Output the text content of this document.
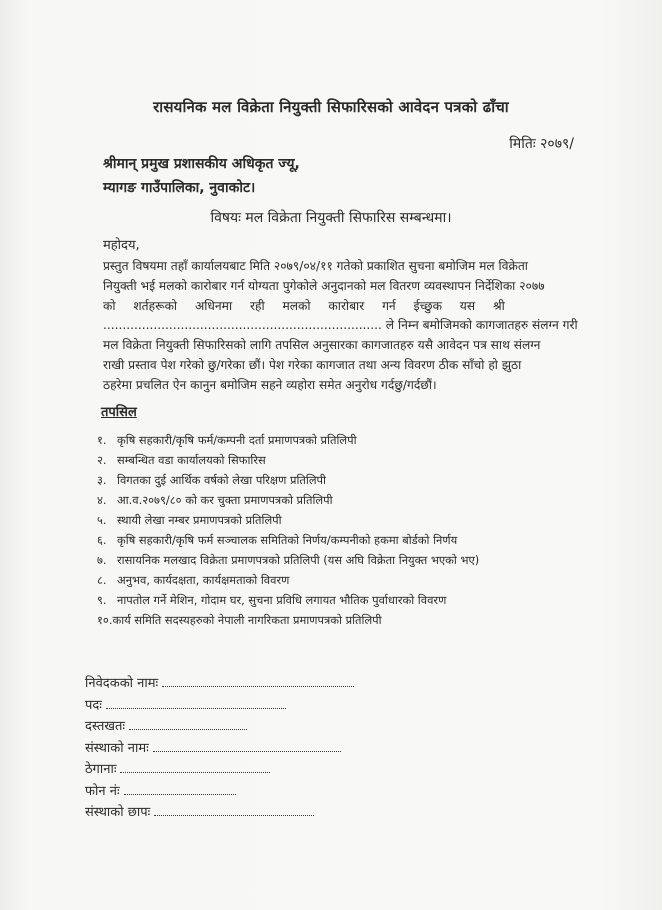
रासयनिक मल विक्रेता नियुक्ती सिफारिसको आवेदन पत्रको ढाँचा
मितिः २०७९/
श्रीमान् प्रमुख प्रशासकीय अधिकृत ज्यू,
म्यागङ गाउँपालिका, नुवाकोट।
विषयः मल विक्रेता नियुक्ती सिफारिस सम्बन्धमा।
महोदय,
प्रस्तुत विषयमा तहाँ कार्यालयबाट मिति २०७९/०४/११ गतेको प्रकाशित सुचना बमोजिम मल विक्रेता
नियुक्ती भई मलको कारोबार गर्न योग्यता पुगेकोले अनुदानको मल वितरण व्यवस्थापन निर्देशिका २०७७
को शर्तहरूको अधिनमा रही मलको कारोबार गर्न ईच्छुक यस श्री
........................................................................ ले निम्न बमोजिमको कागजातहरु संलग्न गरी
मल विक्रेता नियुक्ती सिफारिसको लागि तपसिल अनुसारका कागजातहरु यसै आवेदन पत्र साथ संलग्न
राखी प्रस्ताव पेश गरेको छु/गरेका छौं। पेश गरेका कागजात तथा अन्य विवरण ठीक साँचो हो झुठा
ठहरेमा प्रचलित ऐन कानुन बमोजिम सहने व्यहोरा समेत अनुरोध गर्दछु/गर्दछौं।
तपसिल
१. कृषि सहकारी/कृषि फर्म/कम्पनी दर्ता प्रमाणपत्रको प्रतिलिपी
२. सम्बन्धित वडा कार्यालयको सिफारिस
३. विगतका दुई आर्थिक वर्षको लेखा परिक्षण प्रतिलिपी
४. आ.व.२०७९/८० को कर चुक्ता प्रमाणपत्रको प्रतिलिपी
५. स्थायी लेखा नम्बर प्रमाणपत्रको प्रतिलिपी
६. कृषि सहकारी/कृषि फर्म सञ्चालक समितिको निर्णय/कम्पनीको हकमा बोर्डको निर्णय
७. रासायनिक मलखाद विक्रेता प्रमाणपत्रको प्रतिलिपी (यस अघि विक्रेता नियुक्त भएको भए)
८. अनुभव, कार्यदक्षता, कार्यक्षमताको विवरण
९. नापतोल गर्ने मेशिन, गोदाम घर, सुचना प्रविधि लगायत भौतिक पुर्वाधारको विवरण
१०.कार्य समिति सदस्यहरुको नेपाली नागरिकता प्रमाणपत्रको प्रतिलिपी
निवेदकको नामः
पदः
दस्तखतः
संस्थाको नामः
ठेगानाः
फोन नंः
संस्थाको छापः
